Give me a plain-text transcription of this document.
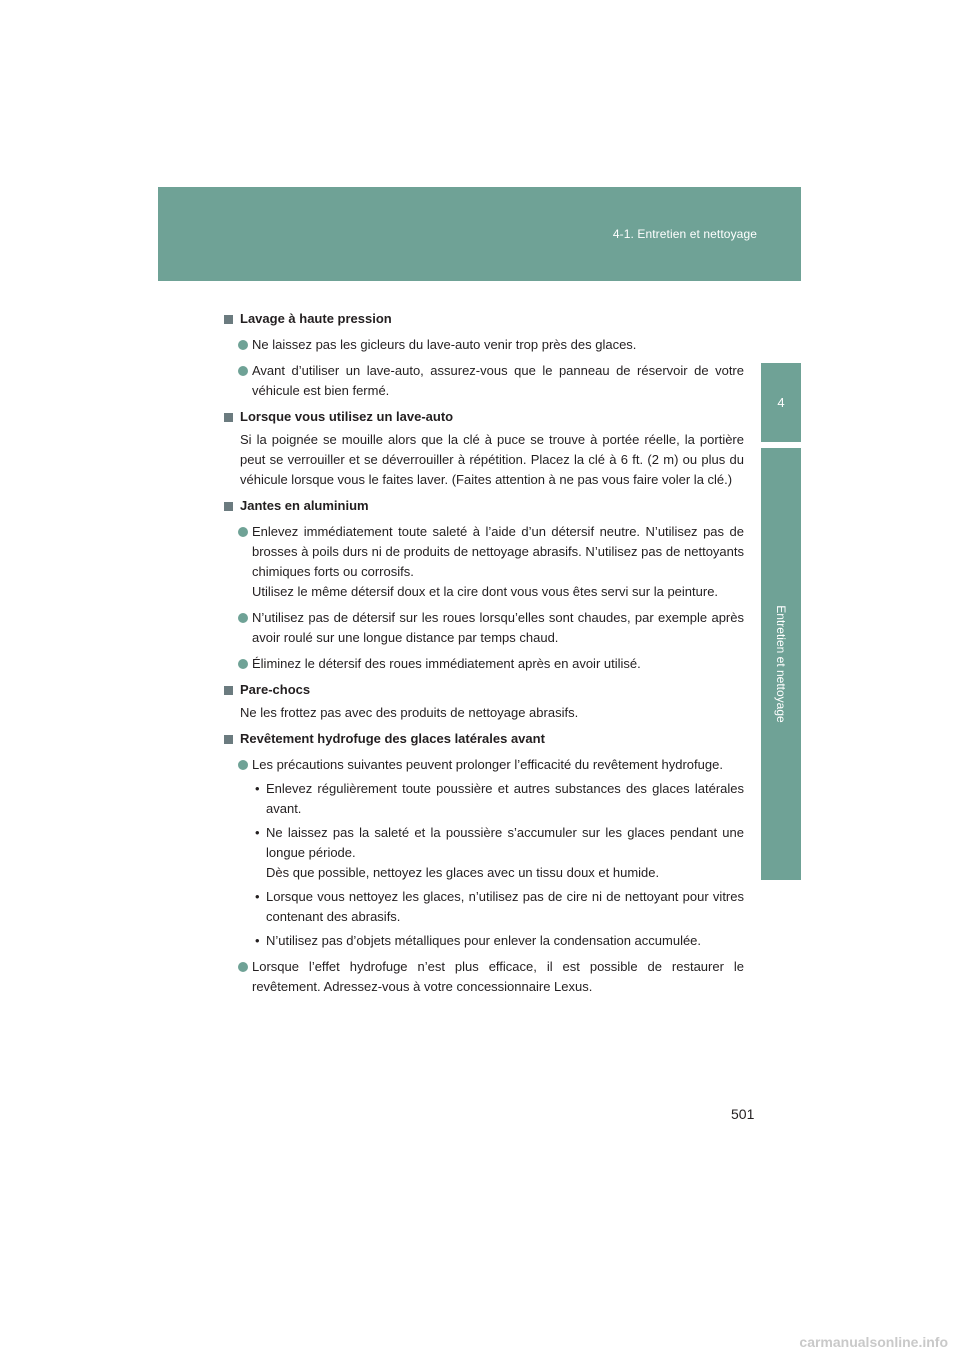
4-1. Entretien et nettoyage
4
Entretien et nettoyage
Lavage à haute pression
Ne laissez pas les gicleurs du lave-auto venir trop près des glaces.
Avant d’utiliser un lave-auto, assurez-vous que le panneau de réservoir de votre véhicule est bien fermé.
Lorsque vous utilisez un lave-auto
Si la poignée se mouille alors que la clé à puce se trouve à portée réelle, la portière peut se verrouiller et se déverrouiller à répétition. Placez la clé à 6 ft. (2 m) ou plus du véhicule lorsque vous le faites laver. (Faites attention à ne pas vous faire voler la clé.)
Jantes en aluminium
Enlevez immédiatement toute saleté à l’aide d’un détersif neutre. N’utilisez pas de brosses à poils durs ni de produits de nettoyage abrasifs. N’utilisez pas de nettoyants chimiques forts ou corrosifs.
Utilisez le même détersif doux et la cire dont vous vous êtes servi sur la peinture.
N’utilisez pas de détersif sur les roues lorsqu’elles sont chaudes, par exemple après avoir roulé sur une longue distance par temps chaud.
Éliminez le détersif des roues immédiatement après en avoir utilisé.
Pare-chocs
Ne les frottez pas avec des produits de nettoyage abrasifs.
Revêtement hydrofuge des glaces latérales avant
Les précautions suivantes peuvent prolonger l’efficacité du revêtement hydrofuge.
• Enlevez régulièrement toute poussière et autres substances des glaces latérales avant.
• Ne laissez pas la saleté et la poussière s’accumuler sur les glaces pendant une longue période.
Dès que possible, nettoyez les glaces avec un tissu doux et humide.
• Lorsque vous nettoyez les glaces, n’utilisez pas de cire ni de nettoyant pour vitres contenant des abrasifs.
• N’utilisez pas d’objets métalliques pour enlever la condensation accumulée.
Lorsque l’effet hydrofuge n’est plus efficace, il est possible de restaurer le revêtement. Adressez-vous à votre concessionnaire Lexus.
501
carmanualsonline.info
